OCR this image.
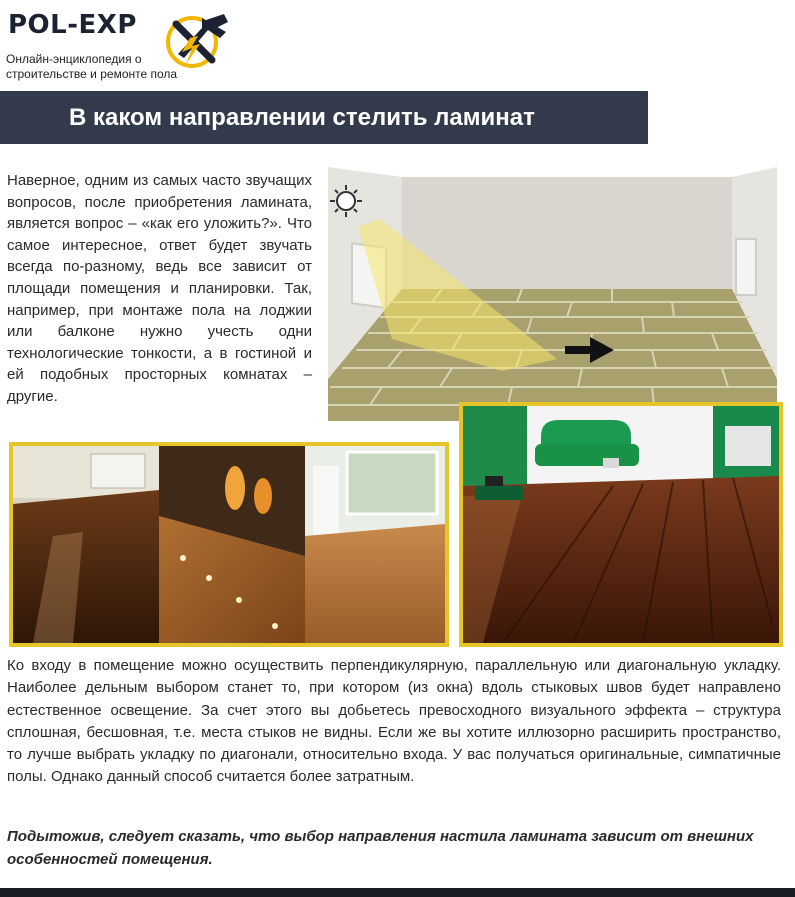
POL-EXP
Онлайн-энциклопедия о
строительстве и ремонте пола
В каком направлении стелить ламинат

Наверное, одним из самых часто звучащих вопросов, после приобретения ламината, является вопрос – «как его уложить?». Что самое интересное, ответ будет звучать всегда по-разному, ведь все зависит от площади помещения и планировки. Так, например, при монтаже пола на лоджии или балконе нужно учесть одни технологические тонкости, а в гостиной и ей подобных просторных комнатах – другие.

Ко входу в помещение можно осуществить перпендикулярную, параллельную или диагональную укладку. Наиболее дельным выбором станет то, при котором (из окна) вдоль стыковых швов будет направлено естественное освещение. За счет этого вы добьетесь превосходного визуального эффекта – структура сплошная, бесшовная, т.е. места стыков не видны. Если же вы хотите иллюзорно расширить пространство, то лучше выбрать укладку по диагонали, относительно входа. У вас получаться оригинальные, симпатичные полы. Однако данный способ считается более затратным.

Подытожив, следует сказать, что выбор направления настила ламината зависит от внешних особенностей помещения.
